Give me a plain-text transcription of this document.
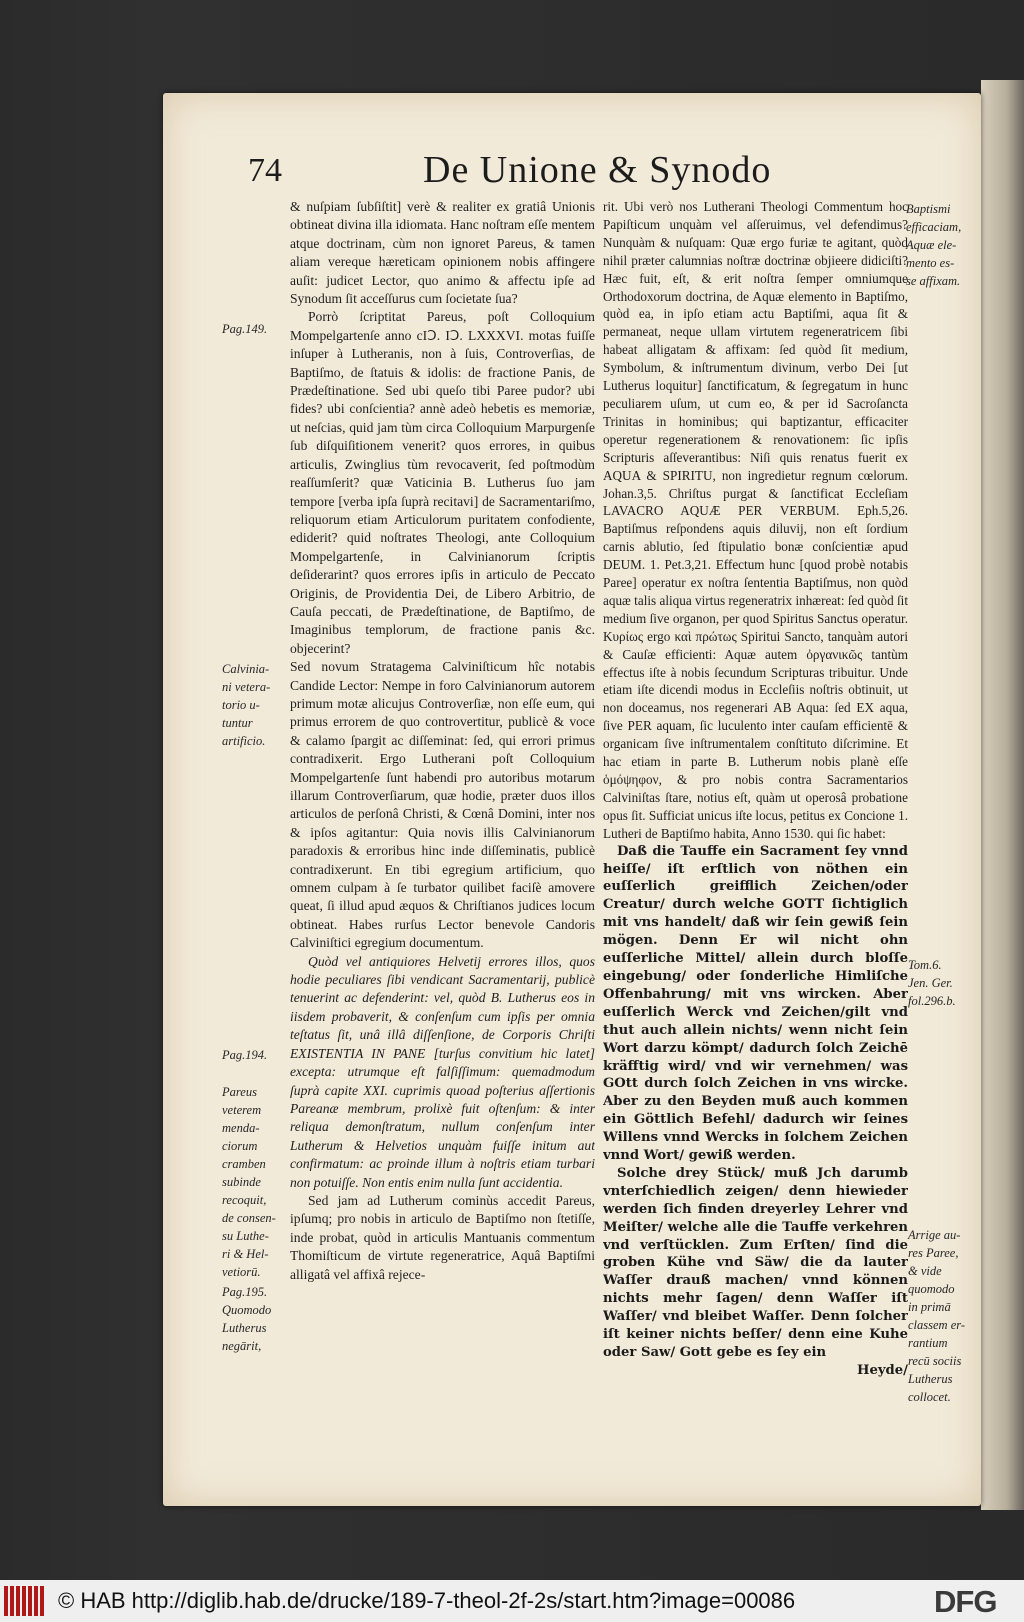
74	De Unione & Synodo
Pag.149.
Calvinia-
ni vetera-
torio u-
tuntur
artificio.
Pag.194.
Pareus
veterem
menda-
ciorum
cramben
subinde
recoquit,
de consen-
su Luthe-
ri & Hel-
vetiorū.
Pag.195.
Quomodo
Lutherus
negārit,
Baptismi
efficaciam,
Aquæ ele-
mento es-
se affixam.
Tom.6.
Jen. Ger.
fol.296.b.
Arrige au-
res Paree,
& vide
quomodo
in primā
classem er-
rantium
recū sociis
Lutherus
collocet.

& nuſpiam ſubſiſtit] verè & realiter ex gratiâ Unionis obtineat divina illa idiomata. Hanc noſtram eſſe mentem atque doctrinam, cùm non ignoret Pareus, & tamen aliam vereque hæreticam opinionem nobis affingere auſit: judicet Lector, quo animo & affectu ipſe ad Synodum ſit acceſſurus cum ſocietate ſua?

Porrò ſcriptitat Pareus, poſt Colloquium Mompelgartenſe anno cIↃ. IↃ. LXXXVI. motas fuiſſe inſuper à Lutheranis, non à ſuis, Controverſias, de Baptiſmo, de ſtatuis & idolis: de fractione Panis, de Prædeſtinatione. Sed ubi queſo tibi Paree pudor? ubi fides? ubi conſcientia? annè adeò hebetis es memoriæ, ut neſcias, quid jam tùm circa Colloquium Marpurgenſe ſub diſquiſitionem venerit? quos errores, in quibus articulis, Zwinglius tùm revocaverit, ſed poſtmodùm reaſſumſerit? quæ Vaticinia B. Lutherus ſuo jam tempore [verba ipſa ſuprà recitavi] de Sacramentariſmo, reliquorum etiam Articulorum puritatem confodiente, ediderit? quid noſtrates Theologi, ante Colloquium Mompelgartenſe, in Calvinianorum ſcriptis deſiderarint? quos errores ipſis in articulo de Peccato Originis, de Providentia Dei, de Libero Arbitrio, de Cauſa peccati, de Prædeſtinatione, de Baptiſmo, de Imaginibus templorum, de fractione panis &c. objecerint?

Sed novum Stratagema Calviniſticum hîc notabis Candide Lector: Nempe in foro Calvinianorum autorem primum motæ alicujus Controverſiæ, non eſſe eum, qui primus errorem de quo controvertitur, publicè & voce & calamo ſpargit ac diſſeminat: ſed, qui errori primus contradixerit. Ergo Lutherani poſt Colloquium Mompelgartenſe ſunt habendi pro autoribus motarum illarum Controverſiarum, quæ hodie, præter duos illos articulos de perſonâ Christi, & Cœnâ Domini, inter nos & ipſos agitantur: Quia novis illis Calvinianorum paradoxis & erroribus hinc inde diſſeminatis, publicè contradixerunt. En tibi egregium artificium, quo omnem culpam à ſe turbator quilibet faciſè amovere queat, ſi illud apud æquos & Chriſtianos judices locum obtineat. Habes rurſus Lector benevole Candoris Calviniſtici egregium documentum.

Quòd vel antiquiores Helvetij errores illos, quos hodie peculiares ſibi vendicant Sacramentarij, publicè tenuerint ac defenderint: vel, quòd B. Lutherus eos in iisdem probaverit, & conſenſum cum ipſis per omnia teſtatus ſit, unâ illâ diſſenſione, de Corporis Chriſti EXISTENTIA IN PANE [turſus convitium hic latet] excepta: utrumque eſt falſiſſimum: quemadmodum ſuprà capite XXI. cuprimis quoad poſterius aſſertionis Pareanæ membrum, prolixè fuit oſtenſum: & inter reliqua demonſtratum, nullum conſenſum inter Lutherum & Helvetios unquàm fuiſſe initum aut confirmatum: ac proinde illum à noſtris etiam turbari non potuiſſe. Non entis enim nulla ſunt accidentia.

Sed jam ad Lutherum cominùs accedit Pareus, ipſumq; pro nobis in articulo de Baptiſmo non ſtetiſſe, inde probat, quòd in articulis Mantuanis commentum Thomiſticum de virtute regeneratrice, Aquâ Baptiſmi alligatâ vel affixâ rejece-

rit. Ubi verò nos Lutherani Theologi Commentum hoc Papiſticum unquàm vel aſſeruimus, vel defendimus? Nunquàm & nuſquam: Quæ ergo furiæ te agitant, quòd nihil præter calumnias noſtræ doctrinæ objieere didiciſti? Hæc fuit, eſt, & erit noſtra ſemper omniumque Orthodoxorum doctrina, de Aquæ elemento in Baptiſmo, quòd ea, in ipſo etiam actu Baptiſmi, aqua ſit & permaneat, neque ullam virtutem regeneratricem ſibi habeat alligatam & affixam: ſed quòd ſit medium, Symbolum, & inſtrumentum divinum, verbo Dei [ut Lutherus loquitur] ſanctificatum, & ſegregatum in hunc peculiarem uſum, ut cum eo, & per id Sacroſancta Trinitas in hominibus; qui baptizantur, efficaciter operetur regenerationem & renovationem: ſic ipſis Scripturis aſſeverantibus: Niſi quis renatus fuerit ex AQUA & SPIRITU, non ingredietur regnum cœlorum. Johan.3,5. Chriſtus purgat & ſanctificat Eccleſiam LAVACRO AQUÆ PER VERBUM. Eph.5,26. Baptiſmus reſpondens aquis diluvij, non eſt ſordium carnis ablutio, ſed ſtipulatio bonæ conſcientiæ apud DEUM. 1. Pet.3,21. Effectum hunc [quod probè notabis Paree] operatur ex noſtra ſententia Baptiſmus, non quòd aquæ talis aliqua virtus regeneratrix inhæreat: ſed quòd ſit medium ſive organon, per quod Spiritus Sanctus operatur. Κυρίως ergo καὶ πρώτως Spiritui Sancto, tanquàm autori & Cauſæ efficienti: Aquæ autem ὀργανικῶς tantùm effectus iſte à nobis ſecundum Scripturas tribuitur. Unde etiam iſte dicendi modus in Eccleſiis noſtris obtinuit, ut non doceamus, nos regenerari AB Aqua: ſed EX aqua, ſive PER aquam, ſic luculento inter cauſam efficientē & organicam ſive inſtrumentalem conſtituto diſcrimine. Et hac etiam in parte B. Lutherum nobis planè eſſe ὁμόψηφον, & pro nobis contra Sacramentarios Calviniſtas ſtare, notius eſt, quàm ut operosâ probatione opus ſit. Sufficiat unicus iſte locus, petitus ex Concione 1. Lutheri de Baptiſmo habita, Anno 1530. qui ſic habet:

Daß die Tauffe ein Sacrament ſey vnnd heiſſe/ iſt erſtlich von nöthen ein euſſerlich greifflich Zeichen/oder Creatur/ durch welche GOTT ſichtiglich mit vns handelt/ daß wir ſein gewiß ſein mögen. Denn Er wil nicht ohn euſſerliche Mittel/ allein durch bloſſe eingebung/ oder ſonderliche Himliſche Offenbahrung/ mit vns wircken. Aber euſſerlich Werck vnd Zeichen/gilt vnd thut auch allein nichts/ wenn nicht ſein Wort darzu kömpt/ dadurch ſolch Zeichē kräfftig wird/ vnd wir vernehmen/ was GOtt durch ſolch Zeichen in vns wircke. Aber zu den Beyden muß auch kommen ein Göttlich Befehl/ dadurch wir ſeines Willens vnnd Wercks in ſolchem Zeichen vnnd Wort/ gewiß werden.

Solche drey Stück/ muß Jch darumb vnterſchiedlich zeigen/ denn hiewieder werden ſich finden dreyerley Lehrer vnd Meiſter/ welche alle die Tauffe verkehren vnd verſtücklen. Zum Erſten/ ſind die groben Kühe vnd Säw/ die da lauter Waſſer drauß machen/ vnnd können nichts mehr ſagen/ denn Waſſer iſt Waſſer/ vnd bleibet Waſſer. Denn ſolcher iſt keiner nichts beſſer/ denn eine Kuhe oder Saw/ Gott gebe es ſey ein

Heyde/

© HAB http://diglib.hab.de/drucke/189-7-theol-2f-2s/start.htm?image=00086	DFG
